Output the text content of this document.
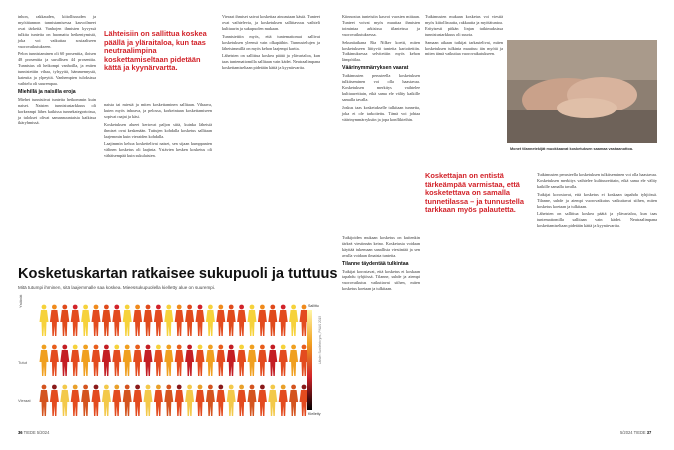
inhon, rakkauden, kiitollisuuden ja myötätunnon tunnistamisessa kasvoilmeet ovat tärkeitä. Vanhojen ihmisten kyvyssä tulkita tunteita on huomattu heikentymistä, joka voi vaikuttaa sosiaaliseen vuorovaikutukseen.

Pelon tunnistaminen oli 60 prosenttia, iloisen 48 prosenttia ja surullisen 44 prosenttia. Tunnistus oli heikompi vanhoilla, ja eniten tunnistettiin vihaa, tylsyyttä, hämmennystä, kateutta ja ylpeyttä. Vanhempien tuloksissa vaihtelu oli suurempaa.

Miehillä ja naisilla eroja

Miehet tunnistivat tunteita heikommin kuin naiset. Naisten tunnistustarkkuus oli korkeampi lähes kaikissa tunnekategorioissa, ja tulokset olivat samansuuntaisia kaikissa ikäryhmissä.

Lähteisiin on sallittua koskea päällä ja yläraitaloa, kun taas neutraalimpina koskettamiseltaan pidetään kättä ja kyynärvartta.

naista tai miestä ja miten koskettaminen sallitaan. Vihaava, kuten myös inhoava, ja pelossa, korkeintaan koskettamiseen sopivat raajat ja käsi.

Kosketuksen alueet kertovat paljon siitä, kuinka läheisiä ihmiset ovat keskenään. Tuttujen kohdalla kosketus sallitaan laajemmin kuin vieraiden kohdalla.

Laajimmin kehoa koskettelivat naiset, sen sijaan kumppanien välinen kosketus oli laajinta. Ystävien kesken kosketus oli vähäisempää kuin sukulaisten.

Vieraat ihmiset saivat koskettaa ainoastaan käsiä. Tunteet ovat vaihtelevia, ja kosketuksen sallittavuus vaihteli kulttuurin ja sukupuolen mukaan.

Tunnistettiin myös, että tuntemattomat sallivat kosketuksen yleensä vain olkapäihin. Tunnustelujen ja läheisimmillä on myös kehon laajempi kartta.

Läheisten on sallittua koskea päätä ja ylävartaloa, kun taas tuntemattomilla sallitaan vain kädet. Neutraalimpana koskettamiseltaan pidetään kättä ja kyynärvartta.

Kiinnostus tunteisiin kasvoi vuosien mittaan. Tunteet voivat myös muuttaa ihmisten toimintaa arkisissa tilanteissa ja vuorovaikutuksessa.

Sekuntiaikana Ria Nilker koetti, miten kosketukseen liittyviä tunteita kartoitettiin. Tutkimuksessa selvitettiin myös kehon lämpötilaa.

Väärinymmärryksen vaarat

Tutkimusten perusteella kosketuksen tulkitseminen voi olla haastavaa. Kosketuksen merkitys vaihtelee kulttuureittain, eikä sama ele välity kaikille samalla tavalla.

Joskus taas kosketukselle tulkitaan tunnetta, joka ei ole tarkoitettu. Tämä voi johtaa väärinymmärryksiin ja jopa konflikteihin.

Tutkijoiden mukaan kosketus on kuitenkin tärkeä viestinnän keino. Kosketusta voidaan käyttää tukemaan sanallista viestintää ja sen avulla voidaan ilmaista tunteita.

Tilanne täydentää tulkintaa

Tutkijat korostavat, että kosketus ei koskaan tapahdu tyhjiössä. Tilanne, suhde ja aiempi vuorovaikutus vaikuttavat siihen, miten kosketus koetaan ja tulkitaan.

Tutkimusten mukaan kosketus voi viestiä myös kiitollisuutta, rakkautta ja myötätuntoa. Erityisesti pitkän linjan tutkimuksissa tunnistustarkkuus oli suurta.

Samaan aikaan tutkijat tarkastelivat, miten kosketuksen tulkinta muuttuu iän myötä ja miten tämä vaikuttaa vuorovaikutukseen.

Koskettajan on entistä tärkeämpää varmistaa, että kosketettava on samalla tunnetilassa – ja tunnustella tarkkaan myös palautetta.

Tutkimusten perusteella kosketuksen tulkitseminen voi olla haastavaa. Kosketuksen merkitys vaihtelee kulttuureittain, eikä sama ele välity kaikille samalla tavalla.

Tutkijat korostavat, että kosketus ei koskaan tapahdu tyhjiössä. Tilanne, suhde ja aiempi vuorovaikutus vaikuttavat siihen, miten kosketus koetaan ja tulkitaan.

Läheisten on sallittua koskea päätä ja ylävartaloa, kun taas tuntemattomilla sallitaan vain kädet. Neutraalimpana koskettamiseltaan pidetään kättä ja kyynärvartta.

Monet tilannetekijät muokkaavat kosketuksen saamaa vastaanottoa.
Kosketuskartan ratkaisee sukupuoli ja tuttuus
Mitä tutumpi ihminen, sitä laajemmalle saa koskea. Mieessukupuolella kielletty alue on suurempi.
Ystävät
Tutut
Vieraat
Sallittu
Kielletty
Lähde: Suvilehto ym., PNAS 2015
36 TIEDE 5/2024	5/2024 TIEDE 37
